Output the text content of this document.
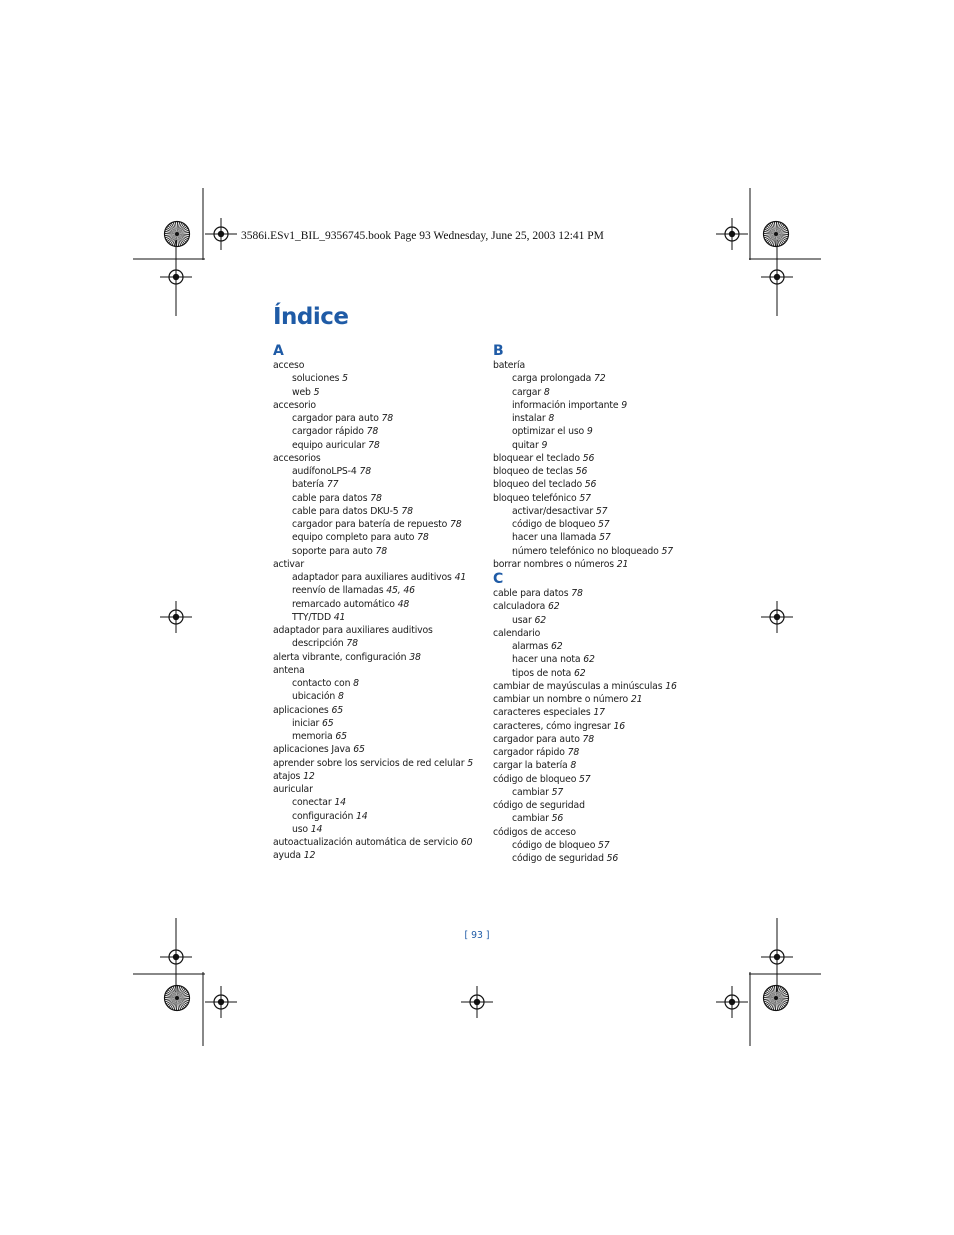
3586i.ESv1_BIL_9356745.book Page 93 Wednesday, June 25, 2003 12:41 PM
Índice
A
acceso
soluciones 5
web 5
accesorio
cargador para auto 78
cargador rápido 78
equipo auricular 78
accesorios
audífonoLPS-4 78
batería 77
cable para datos 78
cable para datos DKU-5 78
cargador para batería de repuesto 78
equipo completo para auto 78
soporte para auto 78
activar
adaptador para auxiliares auditivos 41
reenvío de llamadas 45, 46
remarcado automático 48
TTY/TDD 41
adaptador para auxiliares auditivos
descripción 78
alerta vibrante, configuración 38
antena
contacto con 8
ubicación 8
aplicaciones 65
iniciar 65
memoria 65
aplicaciones Java 65
aprender sobre los servicios de red celular 5
atajos 12
auricular
conectar 14
configuración 14
uso 14
autoactualización automática de servicio 60
ayuda 12
B
batería
carga prolongada 72
cargar 8
información importante 9
instalar 8
optimizar el uso 9
quitar 9
bloquear el teclado 56
bloqueo de teclas 56
bloqueo del teclado 56
bloqueo telefónico 57
activar/desactivar 57
código de bloqueo 57
hacer una llamada 57
número telefónico no bloqueado 57
borrar nombres o números 21
C
cable para datos 78
calculadora 62
usar 62
calendario
alarmas 62
hacer una nota 62
tipos de nota 62
cambiar de mayúsculas a minúsculas 16
cambiar un nombre o número 21
caracteres especiales 17
caracteres, cómo ingresar 16
cargador para auto 78
cargador rápido 78
cargar la batería 8
código de bloqueo 57
cambiar 57
código de seguridad
cambiar 56
códigos de acceso
código de bloqueo 57
código de seguridad 56
[ 93 ]
